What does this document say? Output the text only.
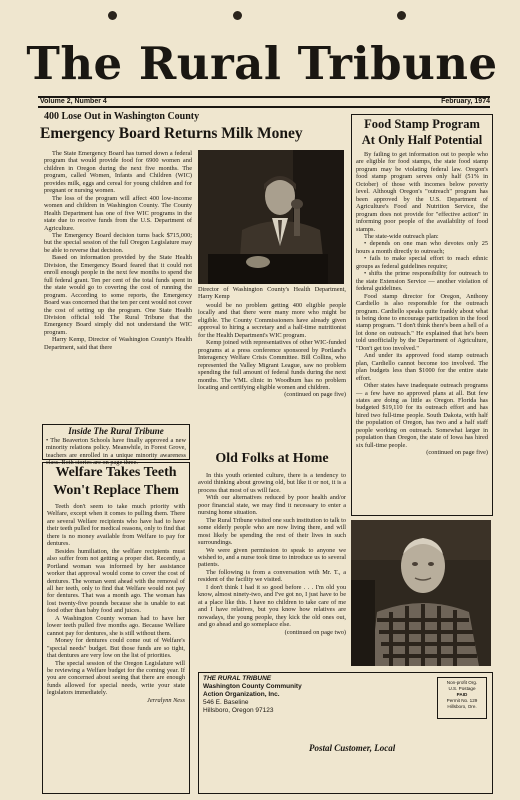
The Rural Tribune
Volume 2, Number 4	February, 1974
400 Lose Out in Washington County
Emergency Board Returns Milk Money

The State Emergency Board has turned down a federal program that would provide food for 6900 women and children in Oregon during the next five months. The program, called Women, Infants and Children (WIC) provides milk, eggs and cereal for young children and for pregnant or nursing women.

The loss of the program will affect 400 low-income women and children in Washington County. The County Health Department has one of five WIC programs in the state due to receive funds from the U.S. Department of Agriculture.

The Emergency Board decision turns back $715,000; but the special session of the full Oregon Legislature may be able to reverse that decision.

Based on information provided by the State Health Division, the Emergency Board feared that it could not enroll enough people in the next few months to spend the full federal grant. Ten per cent of the total funds spent in the state would go to covering the cost of running the program. According to some reports, the Emergency Board was concerned that the ten per cent would not cover the cost of setting up the program. One State Health Division official told The Rural Tribune that the Emergency Board simply did not understand the WIC program.

Harry Kemp, Director of Washington County's Health Department, said that there

Director of Washington County's Health Department, Harry Kemp

would be no problem getting 400 eligible people locally and that there were many more who might be eligible. The County Commissioners have already given approval to hiring a secretary and a half-time nutritionist for the Health Department's WIC program.

Kemp joined with representatives of other WIC-funded programs at a press conference sponsored by Portland's Interagency Welfare Crisis Committee. Bill Collins, who represented the Valley Migrant League, saw no problem spending the full amount of federal funds during the next months. The VML clinic in Woodburn has no problem locating and certifying eligible women and children.

(continued on page five)
Inside The Rural Tribune
• The Beaverton Schools have finally approved a new minority relations policy. Meanwhile, in Forest Grove, teachers are enrolled in a unique minority awareness class. Both stories are on page three.
Food Stamp Program
At Only Half Potential

By failing to get information out to people who are eligible for food stamps, the state food stamp program may be violating federal law. Oregon's food stamp program serves only half (51% in October) of those with incomes below poverty level. Although Oregon's "outreach" program has been approved by the U.S. Department of Agriculture's Food and Nutrition Service, the program does not provide for "effective action" in informing poor people of the availability of food stamps.

The state-wide outreach plan:

• depends on one man who devotes only 25 hours a month directly to outreach;

• fails to make special effort to reach ethnic groups as federal guidelines require;

• shifts the prime responsibility for outreach to the state Extension Service — another violation of federal guidelines.

Food stamp director for Oregon, Anthony Cardiello is also responsible for the outreach program. Cardiello speaks quite frankly about what is being done to encourage participation in the food stamp program. "I don't think there's been a hell of a lot done on outreach." He explained that he's been told unofficially by the Department of Agriculture, "Don't get too involved."

And under its approved food stamp outreach plan, Cardiello cannot become too involved. The plan budgets less than $1000 for the entire state effort.

Other states have inadequate outreach programs — a few have no approved plans at all. But few states are doing as little as Oregon. Florida has budgeted $19,110 for its outreach effort and has hired two full-time people. South Dakota, with half the population of Oregon, has two and a half staff people working on outreach. Somewhat larger in population than Oregon, the state of Iowa has hired six full-time people.

(continued on page five)
Welfare Takes Teeth
Won't Replace Them

Teeth don't seem to take much priority with Welfare, except when it comes to pulling them. There are several Welfare recipients who have had to have their teeth pulled for medical reasons, only to find that there is no money available from Welfare to pay for dentures.

Besides humiliation, the welfare recipients must also suffer from not getting a proper diet. Recently, a Portland woman was informed by her assistance worker that approval would come to cover the cost of dentures. The woman went ahead with the removal of all her teeth, only to find that Welfare would not pay for dentures. That was a month ago. The woman has lost twenty-five pounds because she is unable to eat food other than baby food and juices.

A Washington County woman had to have her lower teeth pulled five months ago. Because Welfare cannot pay for dentures, she is still without them.

Money for dentures could come out of Welfare's "special needs" budget. But those funds are so tight, that dentures are very low on the list of priorities.

The special session of the Oregon Legislature will be reviewing a Welfare budget for the coming year. If you are concerned about seeing that there are enough funds allowed for special needs, write your state legislators immediately.

Jerralynn Ness
Old Folks at Home

In this youth oriented culture, there is a tendency to avoid thinking about growing old, but like it or not, it is a process that most of us will face.

With our alternatives reduced by poor health and/or poor financial state, we may find it necessary to enter a nursing home situation.

The Rural Tribune visited one such institution to talk to some elderly people who are now living there, and will most likely be spending the rest of their lives in such surroundings.

We were given permission to speak to anyone we wished to, and a nurse took time to introduce us to several patients.

The following is from a conversation with Mr. T., a resident of the facility we visited.

I don't think I had it so good before . . . I'm old you know, almost ninety-two, and I've got no, I just have to be at a place like this. I have no children to take care of me and I have relatives, but you know how relatives are nowadays, the young people, they kick the old ones out, and go ahead and go someplace else.

(continued on page two)
THE RURAL TRIBUNE
Washington County Community
Action Organization, Inc.
546 E. Baseline
Hillsboro, Oregon 97123
Non-profit Org.
U.S. Postage
PAID
Permit No. 129
Hillsboro, Ore.
Postal Customer, Local
